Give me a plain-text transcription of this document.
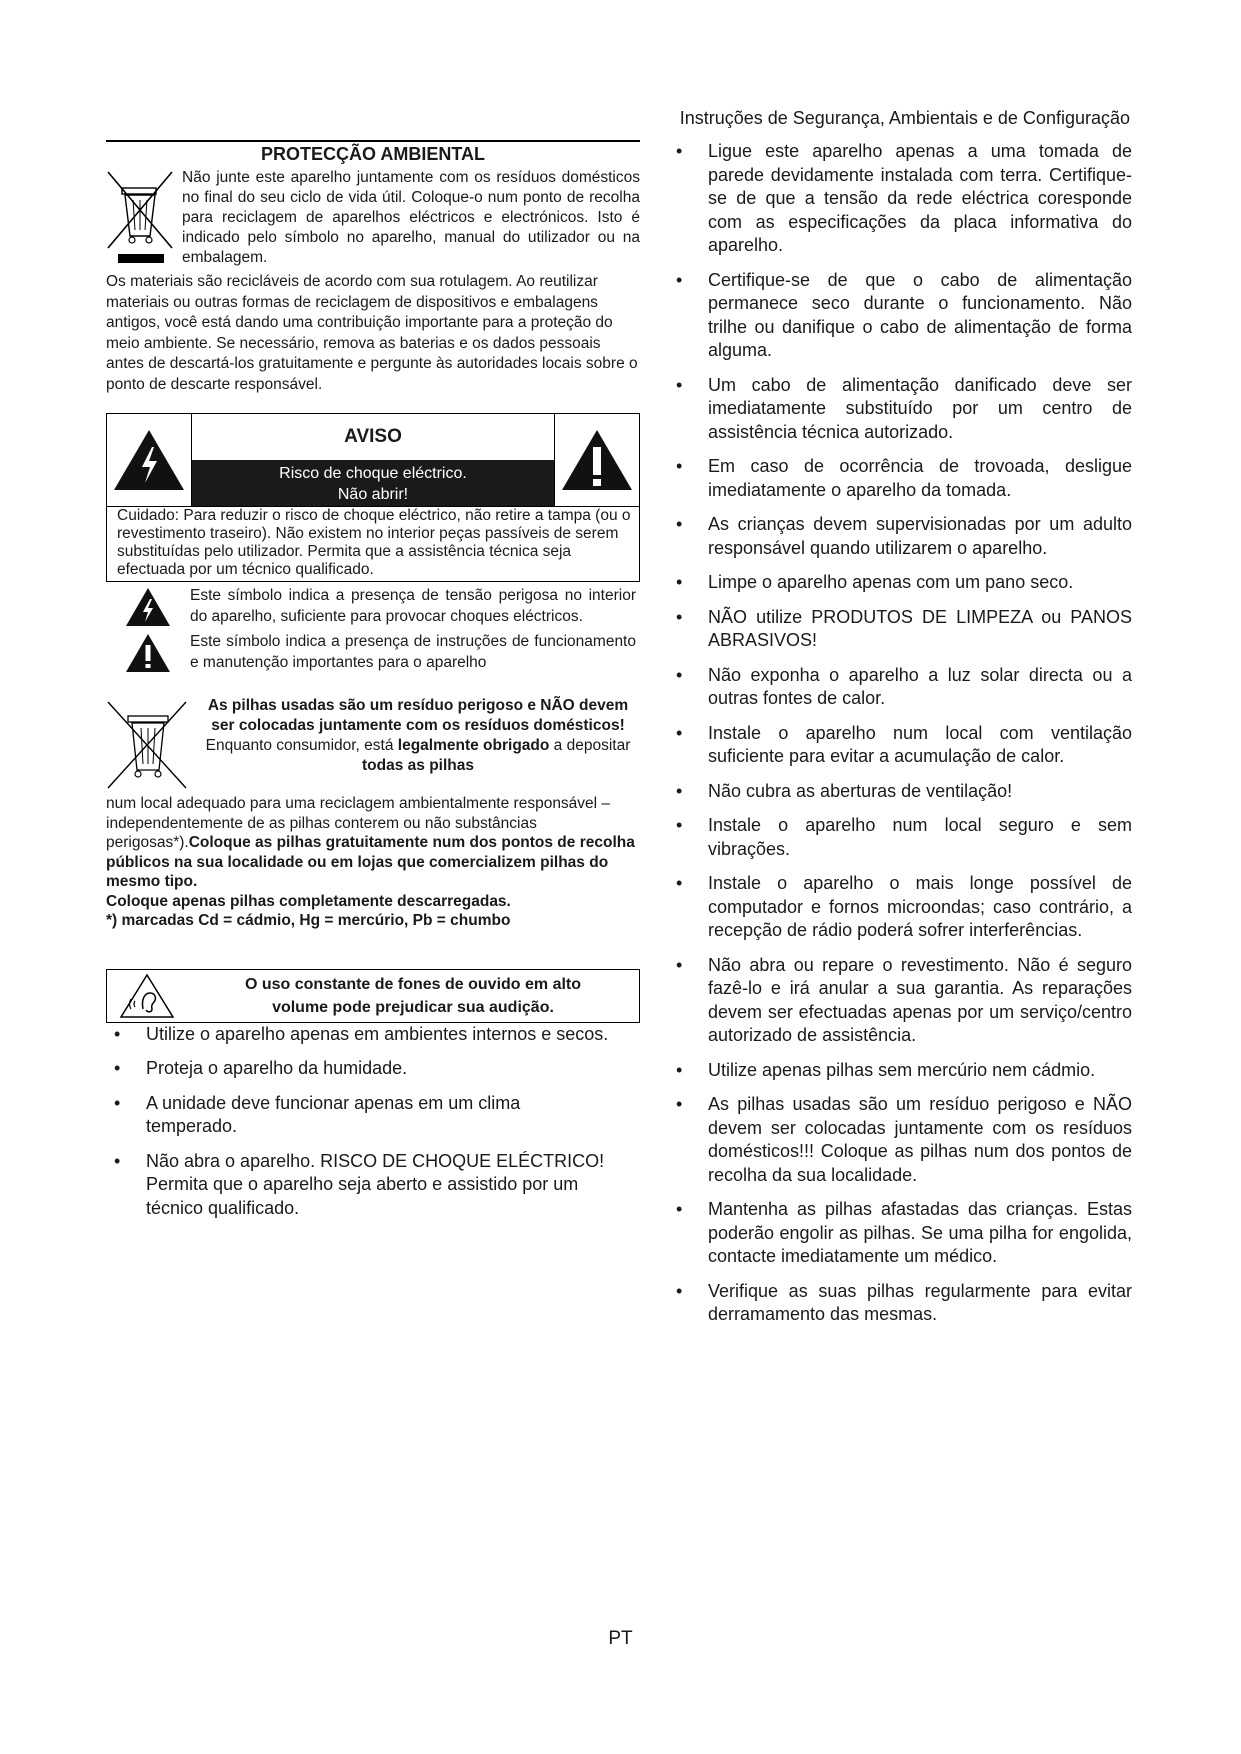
Instruções de Segurança, Ambientais e de Configuração
PROTECÇÃO AMBIENTAL
Não junte este aparelho juntamente com os resíduos domésticos no final do seu ciclo de vida útil. Coloque-o num ponto de recolha para reciclagem de aparelhos eléctricos e electrónicos. Isto é indicado pelo símbolo no aparelho, manual do utilizador ou na embalagem.
Os materiais são recicláveis de acordo com sua rotulagem. Ao reutilizar materiais ou outras formas de reciclagem de dispositivos e embalagens antigos, você está dando uma contribuição importante para a proteção do meio ambiente. Se necessário, remova as baterias e os dados pessoais antes de descartá-los gratuitamente e pergunte às autoridades locais sobre o ponto de descarte responsável.
AVISO
Risco de choque eléctrico.
Não abrir!
Cuidado: Para reduzir o risco de choque eléctrico, não retire a tampa (ou o revestimento traseiro). Não existem no interior peças passíveis de serem substituídas pelo utilizador. Permita que a assistência técnica seja efectuada por um técnico qualificado.
Este símbolo indica a presença de tensão perigosa no interior do aparelho, suficiente para provocar choques eléctricos.
Este símbolo indica a presença de instruções de funcionamento e manutenção importantes para o aparelho
As pilhas usadas são um resíduo perigoso e NÃO devem ser colocadas juntamente com os resíduos domésticos! Enquanto consumidor, está legalmente obrigado a depositar todas as pilhas
num local adequado para uma reciclagem ambientalmente responsável – independentemente de as pilhas conterem ou não substâncias perigosas*).Coloque as pilhas gratuitamente num dos pontos de recolha públicos na sua localidade ou em lojas que comercializem pilhas do mesmo tipo.
Coloque apenas pilhas completamente descarregadas.
*) marcadas Cd = cádmio, Hg = mercúrio, Pb = chumbo
O uso constante de fones de ouvido em alto
volume pode prejudicar sua audição.
• Utilize o aparelho apenas em ambientes internos e secos.
• Proteja o aparelho da humidade.
• A unidade deve funcionar apenas em um clima temperado.
• Não abra o aparelho. RISCO DE CHOQUE ELÉCTRICO! Permita que o aparelho seja aberto e assistido por um técnico qualificado.
• Ligue este aparelho apenas a uma tomada de parede devidamente instalada com terra. Certifique-se de que a tensão da rede eléctrica coresponde com as especificações da placa informativa do aparelho.
• Certifique-se de que o cabo de alimentação permanece seco durante o funcionamento. Não trilhe ou danifique o cabo de alimentação de forma alguma.
• Um cabo de alimentação danificado deve ser imediatamente substituído por um centro de assistência técnica autorizado.
• Em caso de ocorrência de trovoada, desligue imediatamente o aparelho da tomada.
• As crianças devem supervisionadas por um adulto responsável quando utilizarem o aparelho.
• Limpe o aparelho apenas com um pano seco.
• NÃO utilize PRODUTOS DE LIMPEZA ou PANOS ABRASIVOS!
• Não exponha o aparelho a luz solar directa ou a outras fontes de calor.
• Instale o aparelho num local com ventilação suficiente para evitar a acumulação de calor.
• Não cubra as aberturas de ventilação!
• Instale o aparelho num local seguro e sem vibrações.
• Instale o aparelho o mais longe possível de computador e fornos microondas; caso contrário, a recepção de rádio poderá sofrer interferências.
• Não abra ou repare o revestimento. Não é seguro fazê-lo e irá anular a sua garantia. As reparações devem ser efectuadas apenas por um serviço/centro autorizado de assistência.
• Utilize apenas pilhas sem mercúrio nem cádmio.
• As pilhas usadas são um resíduo perigoso e NÃO devem ser colocadas juntamente com os resíduos domésticos!!! Coloque as pilhas num dos pontos de recolha da sua localidade.
• Mantenha as pilhas afastadas das crianças. Estas poderão engolir as pilhas. Se uma pilha for engolida, contacte imediatamente um médico.
• Verifique as suas pilhas regularmente para evitar derramamento das mesmas.
PT
